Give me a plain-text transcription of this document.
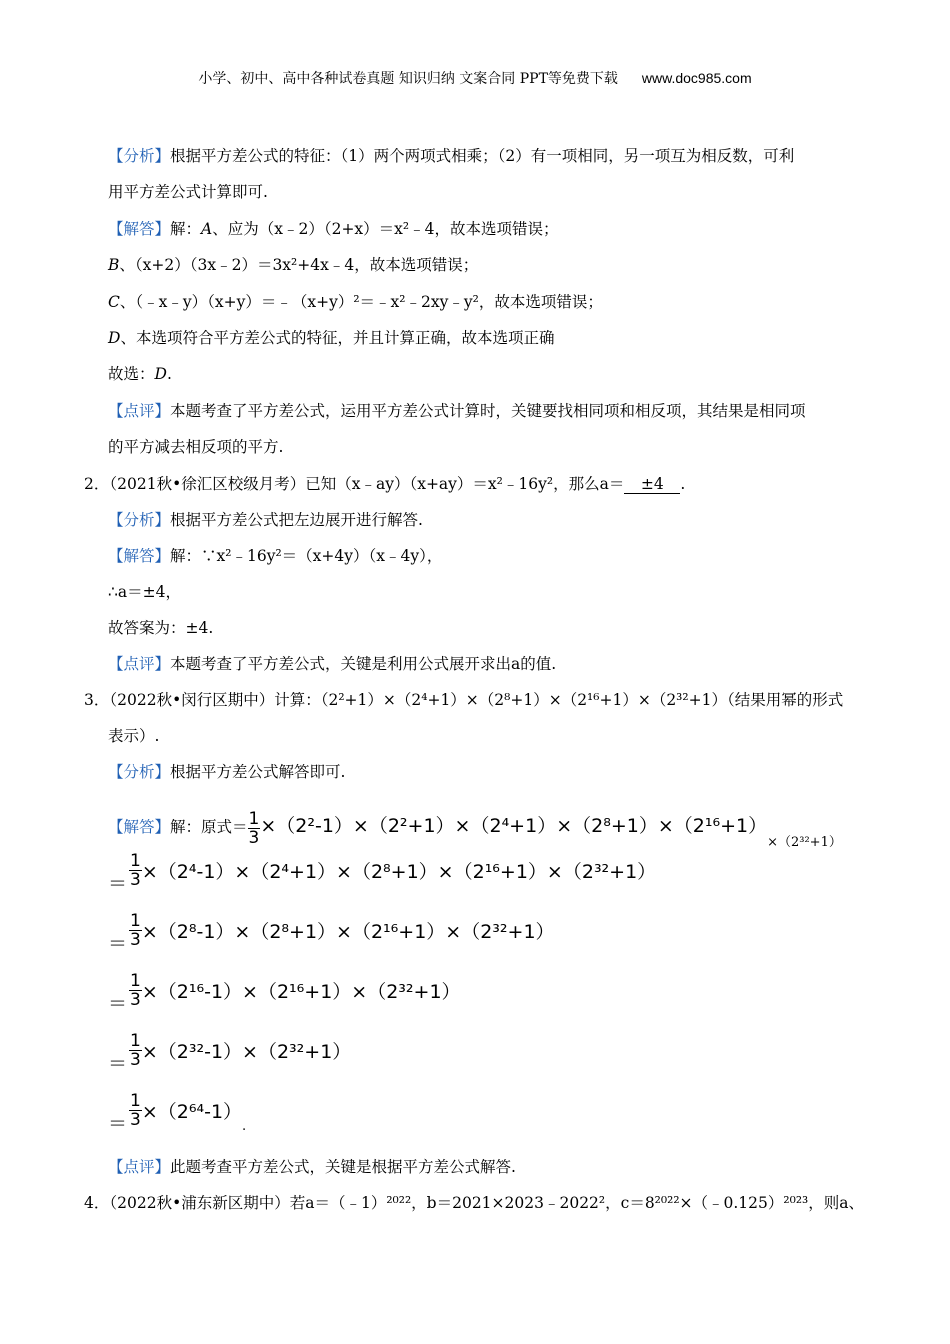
小学、初中、高中各种试卷真题 知识归纳 文案合同 PPT等免费下载 www.doc985.com
【分析】根据平方差公式的特征：（1）两个两项式相乘；（2）有一项相同，另一项互为相反数，可利
用平方差公式计算即可.
【解答】解：A、应为（x﹣2）（2+x）＝x²﹣4，故本选项错误；
B、（x+2）（3x﹣2）＝3x²+4x﹣4，故本选项错误；
C、（﹣x﹣y）（x+y）＝﹣（x+y）²＝﹣x²﹣2xy﹣y²，故本选项错误；
D、本选项符合平方差公式的特征，并且计算正确，故本选项正确
故选：D.
【点评】本题考查了平方差公式，运用平方差公式计算时，关键要找相同项和相反项，其结果是相同项
的平方减去相反项的平方.
2．（2021秋•徐汇区校级月考）已知（x﹣ay）（x+ay）＝x²﹣16y²，那么a＝ ±4 .
【分析】根据平方差公式把左边展开进行解答.
【解答】解：∵x²﹣16y²＝（x+4y）（x﹣4y），
∴a＝±4，
故答案为：±4.
【点评】本题考查了平方差公式，关键是利用公式展开求出a的值.
3．（2022秋•闵行区期中）计算：（2²+1）×（2⁴+1）×（2⁸+1）×（2¹⁶+1）×（2³²+1）（结果用幂的形式
表示）.
【分析】根据平方差公式解答即可.
【解答】解：原式＝ $\frac{1}{3} \times(2^2-1)\times(2^2+1)\times(2^4+1)\times(2^8+1)\times(2^{16}+1)_{\times(2^{32}+1)}$
＝ $\frac{1}{3} \times(2^4-1)\times(2^4+1)\times(2^8+1)\times(2^{16}+1)\times(2^{32}+1)$
＝ $\frac{1}{3} \times(2^8-1)\times(2^8+1)\times(2^{16}+1)\times(2^{32}+1)$
＝ $\frac{1}{3} \times(2^{16}-1)\times(2^{16}+1)\times(2^{32}+1)$
＝ $\frac{1}{3} \times(2^{32}-1)\times(2^{32}+1)$
＝ $\frac{1}{3} \times(2^{64}-1)_.$
【点评】此题考查平方差公式，关键是根据平方差公式解答.
4．（2022秋•浦东新区期中）若a＝（﹣1）²⁰²²，b＝2021×2023﹣2022²，c＝8²⁰²²×（﹣0.125）²⁰²³，则a、
